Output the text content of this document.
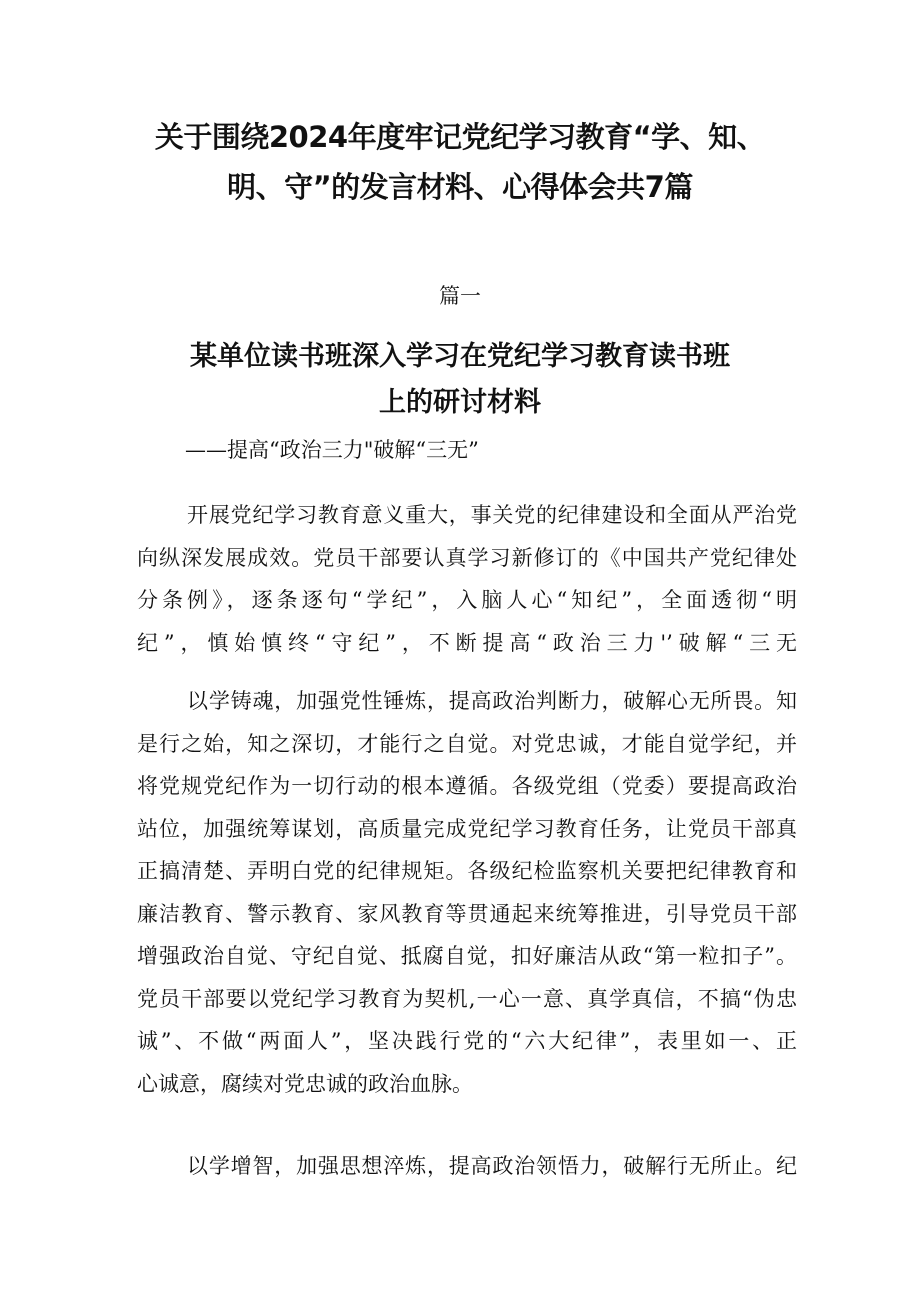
关于围绕2024年度牢记党纪学习教育“学、知、
明、守”的发言材料、心得体会共7篇
篇一
某单位读书班深入学习在党纪学习教育读书班
上的研讨材料
——提高“政治三力"破解“三无”
开展党纪学习教育意义重大，事关党的纪律建设和全面从严治党
向纵深发展成效。党员干部要认真学习新修订的《中国共产党纪律处
分条例》，逐条逐句“学纪”，入脑人心“知纪”，全面透彻“明
纪”，慎始慎终“守纪”，不断提高“政治三力'’破解“三无
以学铸魂，加强党性锤炼，提高政治判断力，破解心无所畏。知
是行之始，知之深切，才能行之自觉。对党忠诚，才能自觉学纪，并
将党规党纪作为一切行动的根本遵循。各级党组（党委）要提高政治
站位，加强统筹谋划，高质量完成党纪学习教育任务，让党员干部真
正搞清楚、弄明白党的纪律规矩。各级纪检监察机关要把纪律教育和
廉洁教育、警示教育、家风教育等贯通起来统筹推进，引导党员干部
增强政治自觉、守纪自觉、抵腐自觉，扣好廉洁从政“第一粒扣子”。
党员干部要以党纪学习教育为契机,一心一意、真学真信，不搞“伪忠
诚”、不做“两面人”，坚决践行党的“六大纪律”，表里如一、正
心诚意，腐续对党忠诚的政治血脉。
以学增智，加强思想淬炼，提高政治领悟力，破解行无所止。纪
